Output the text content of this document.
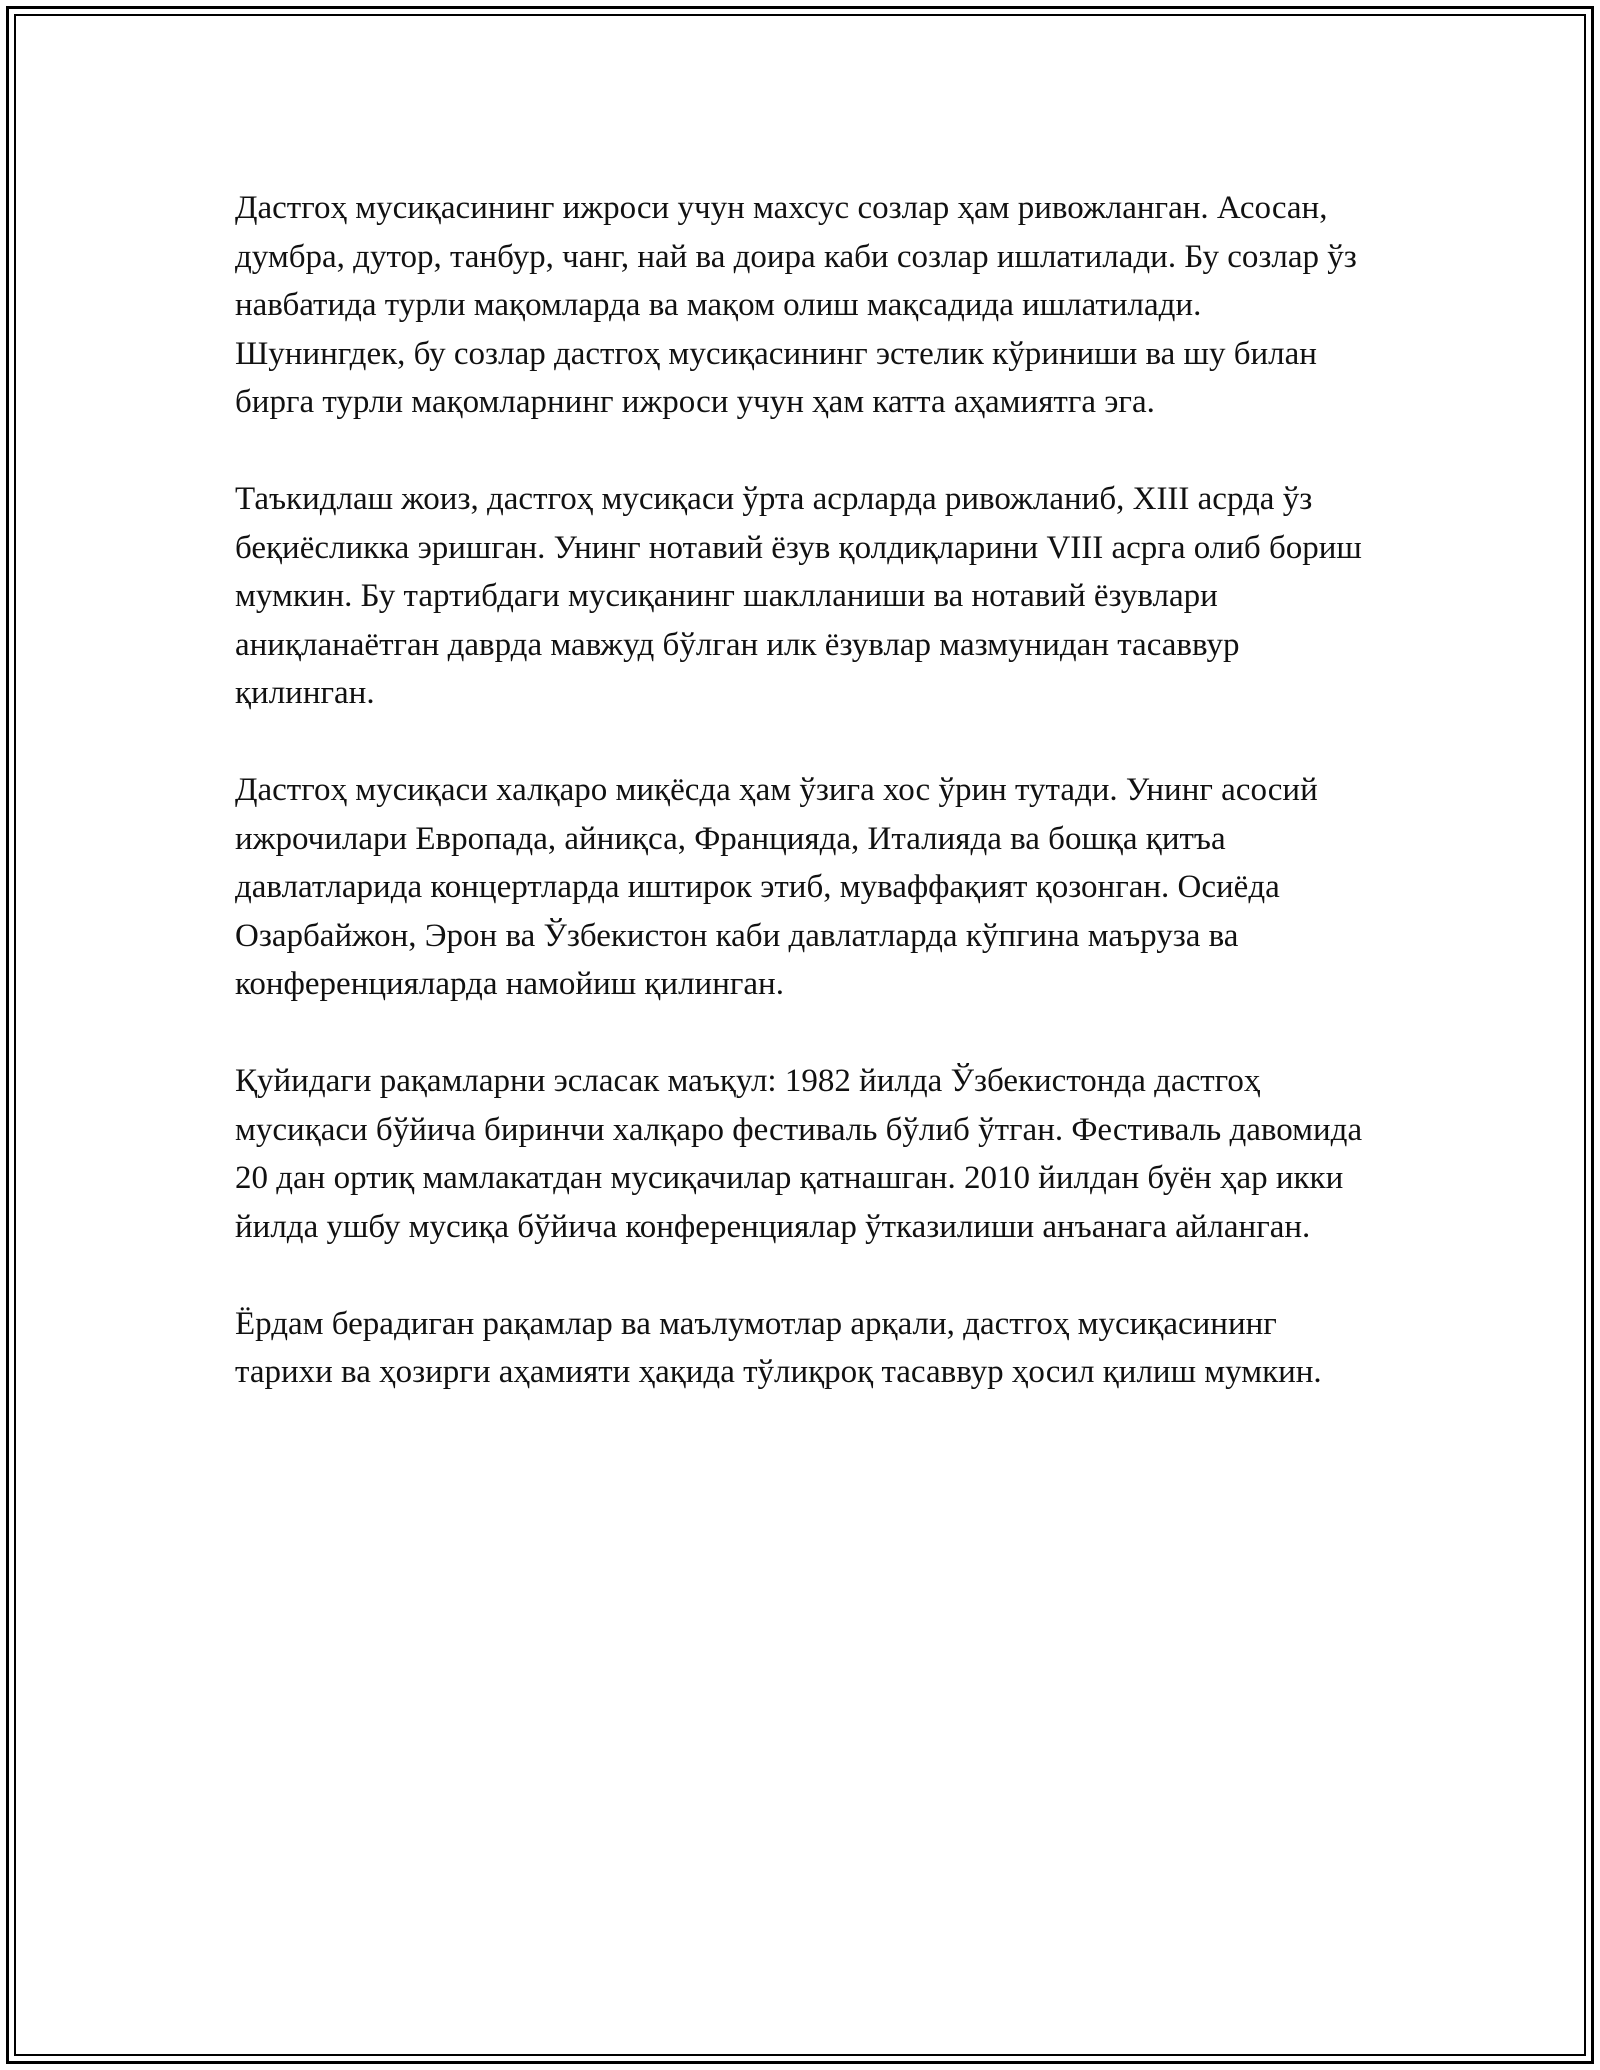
Дастгоҳ мусиқасининг ижроси учун махсус созлар ҳам ривожланган. Асосан, думбра, дутор, танбур, чанг, най ва доира каби созлар ишлатилади. Бу созлар ўз навбатида турли мақомларда ва мақом олиш мақсадида ишлатилади. Шунингдек, бу созлар дастгоҳ мусиқасининг эстелик кўриниши ва шу билан бирга турли мақомларнинг ижроси учун ҳам катта аҳамиятга эга.

Таъкидлаш жоиз, дастгоҳ мусиқаси ўрта асрларда ривожланиб, XIII асрда ўз беқиёсликка эришган. Унинг нотавий ёзув қолдиқларини VIII асрга олиб бориш мумкин. Бу тартибдаги мусиқанинг шаклланиши ва нотавий ёзувлари аниқланаётган даврда мавжуд бўлган илк ёзувлар мазмунидан тасаввур қилинган.

Дастгоҳ мусиқаси халқаро миқёсда ҳам ўзига хос ўрин тутади. Унинг асосий ижрочилари Европада, айниқса, Францияда, Италияда ва бошқа қитъа давлатларида концертларда иштирок этиб, муваффақият қозонган. Осиёда Озарбайжон, Эрон ва Ўзбекистон каби давлатларда кўпгина маъруза ва конференцияларда намойиш қилинган.

Қуйидаги рақамларни эсласак маъқул: 1982 йилда Ўзбекистонда дастгоҳ мусиқаси бўйича биринчи халқаро фестиваль бўлиб ўтган. Фестиваль давомида 20 дан ортиқ мамлакатдан мусиқачилар қатнашган. 2010 йилдан буён ҳар икки йилда ушбу мусиқа бўйича конференциялар ўтказилиши анъанага айланган.

Ёрдам берадиган рақамлар ва маълумотлар арқали, дастгоҳ мусиқасининг тарихи ва ҳозирги аҳамияти ҳақида тўлиқроқ тасаввур ҳосил қилиш мумкин.
